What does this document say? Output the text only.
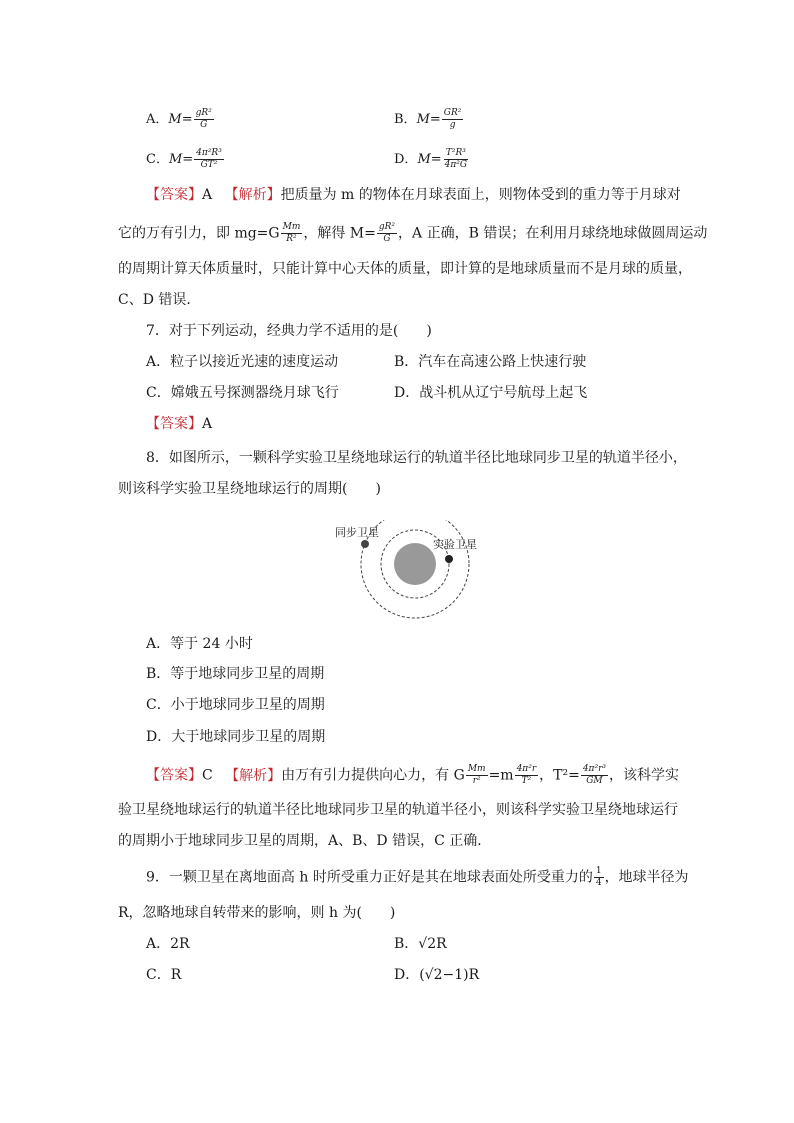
A．$M= \frac{\text{gR²}}{G}$	B．$M= \frac{\text{GR²}}{g}$
C．$M= \frac{\text{4π²R³}}{\text{GT²}}$	D．$M= \frac{\text{T²R³}}{\text{4π²G}}$
【答案】A 【解析】把质量为 m 的物体在月球表面上，则物体受到的重力等于月球对
它的万有引力，即 $mg=G \frac{Mm}{\text{R²}}$ ，解得 $M= \frac{\text{gR²}}{G}$ ，A 正确，B 错误；在利用月球绕地球做圆周运动
的周期计算天体质量时，只能计算中心天体的质量，即计算的是地球质量而不是月球的质量，
C、D 错误．
7．对于下列运动，经典力学不适用的是(　　)
A．粒子以接近光速的速度运动	B．汽车在高速公路上快速行驶
C．嫦娥五号探测器绕月球飞行	D．战斗机从辽宁号航母上起飞
【答案】A
8．如图所示，一颗科学实验卫星绕地球运行的轨道半径比地球同步卫星的轨道半径小，
则该科学实验卫星绕地球运行的周期(　　)
同步卫星
实验卫星
A．等于 24 小时
B．等于地球同步卫星的周期
C．小于地球同步卫星的周期
D．大于地球同步卫星的周期
【答案】C 【解析】由万有引力提供向心力，有 G $\frac{Mm}{\text{r²}} =m \frac{\text{4π²r}}{\text{T²}}$ ，$T^2= \frac{\text{4π²r³}}{GM}$ ，该科学实
验卫星绕地球运行的轨道半径比地球同步卫星的轨道半径小，则该科学实验卫星绕地球运行
的周期小于地球同步卫星的周期，A、B、D 错误，C 正确．
9．一颗卫星在离地面高 h 时所受重力正好是其在地球表面处所受重力的 $\frac{1}{4}$ ，地球半径为
R，忽略地球自转带来的影响，则 h 为(　　)
A．2R	B．√2R
C．R	D．(√2−1)R
